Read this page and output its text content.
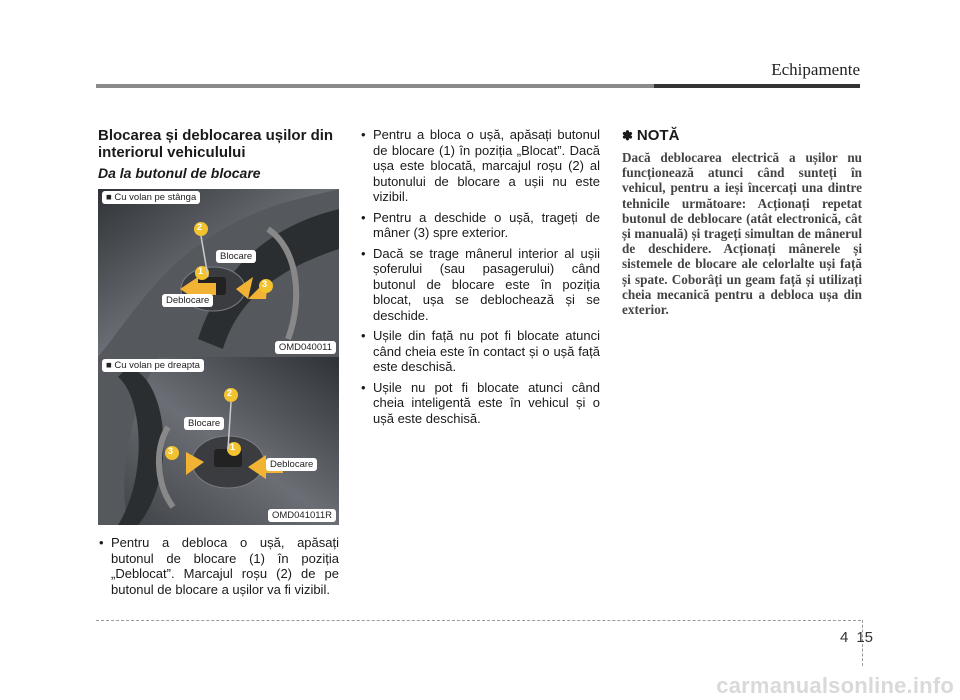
Echipamente
Blocarea și deblocarea ușilor din interiorul vehiculului
Da la butonul de blocare
■ Cu volan pe stânga
Blocare
Deblocare
1
2
3
OMD040011
■ Cu volan pe dreapta
Blocare
Deblocare
2
3	1
OMD041011R
• Pentru a debloca o ușă, apăsați butonul de blocare (1) în poziția „Deblocat”. Marcajul roșu (2) de pe butonul de blocare a ușilor va fi vizibil.
• Pentru a bloca o ușă, apăsați butonul de blocare (1) în poziția „Blocat”. Dacă ușa este blocată, marcajul roșu (2) al butonului de blocare a ușii nu este vizibil.
• Pentru a deschide o ușă, trageți de mâner (3) spre exterior.
• Dacă se trage mânerul interior al ușii șoferului (sau pasagerului) când butonul de blocare este în poziția blocat, ușa se deblochează și se deschide.
• Ușile din față nu pot fi blocate atunci când cheia este în contact și o ușă față este deschisă.
• Ușile nu pot fi blocate atunci când cheia inteligentă este în vehicul și o ușă este deschisă.
✽ NOTĂ
Dacă deblocarea electrică a ușilor nu funcționează atunci când sunteți în vehicul, pentru a ieși încercați una dintre tehnicile următoare: Acționați repetat butonul de deblocare (atât electronică, cât și manuală) și trageți simultan de mânerul de deschidere. Acționați mânerele și sistemele de blocare ale celorlalte uși față și spate. Coborâți un geam față și utilizați cheia mecanică pentru a debloca ușa din exterior.
4 15
carmanualsonline.info
